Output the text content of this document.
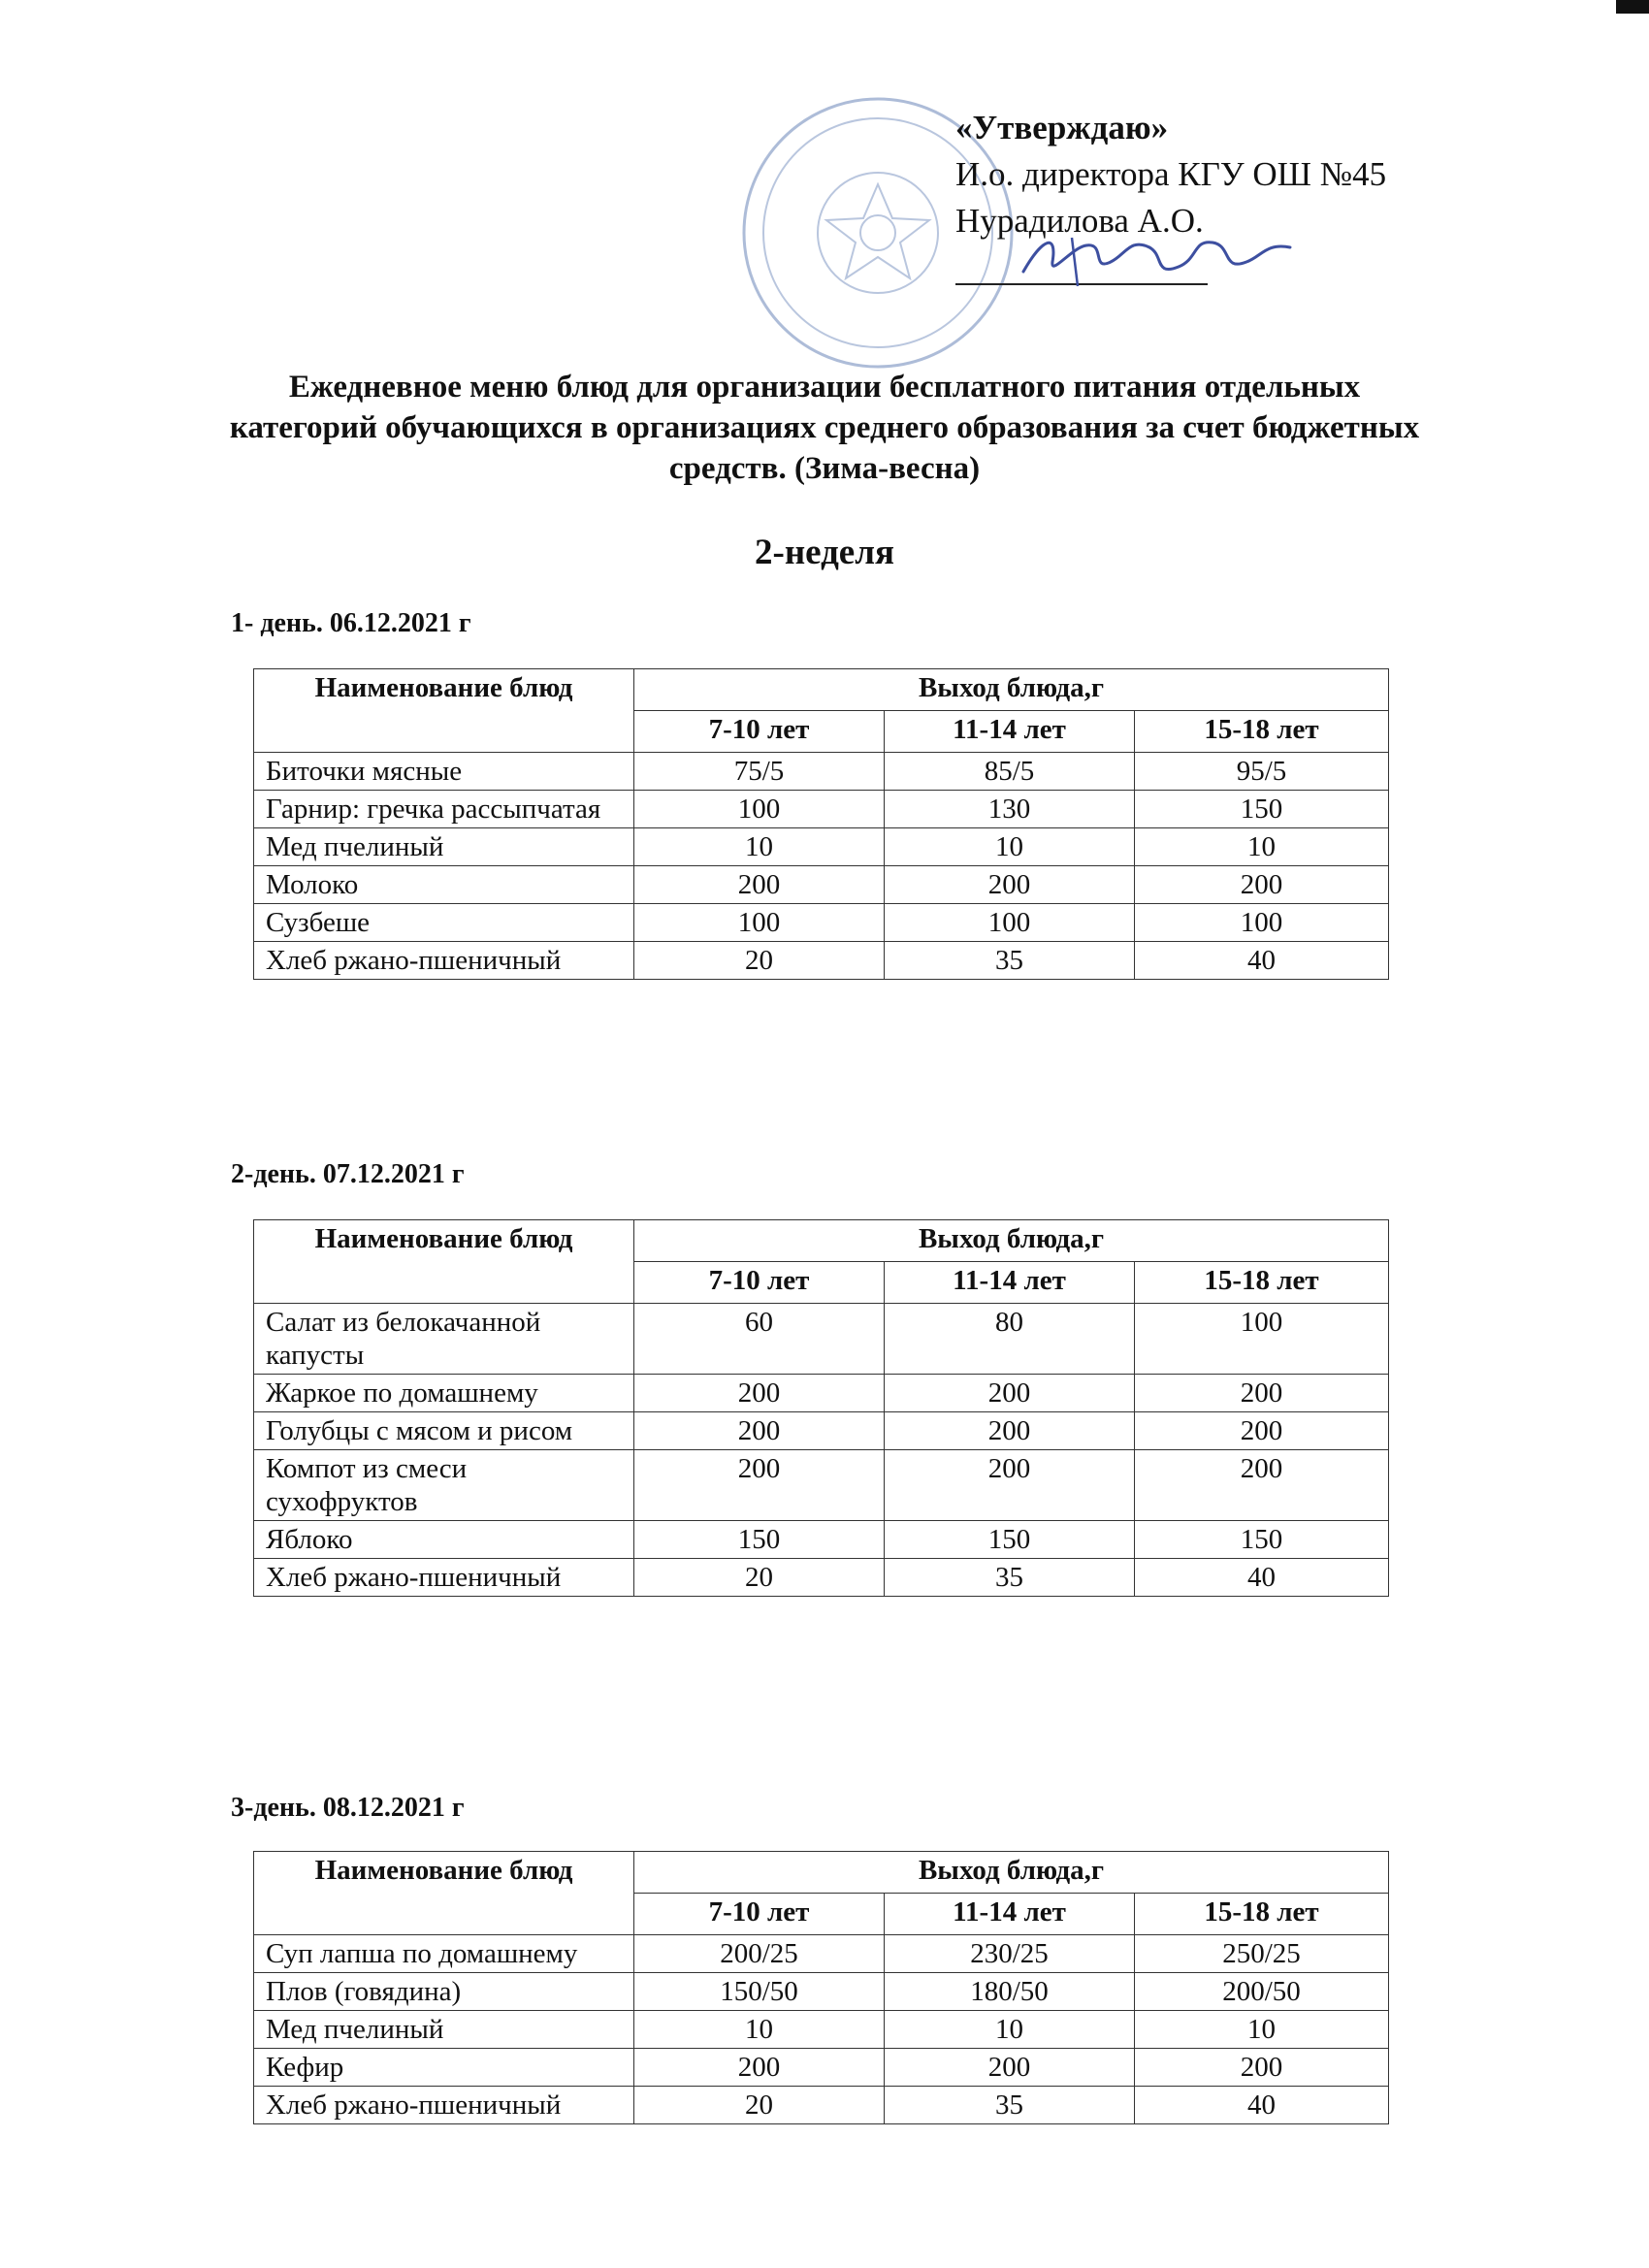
«Утверждаю»
И.о. директора КГУ ОШ №45
Нурадилова А.О.
Ежедневное меню блюд для организации бесплатного питания отдельных категорий обучающихся в организациях среднего образования за счет бюджетных средств. (Зима-весна)
2-неделя
1- день. 06.12.2021 г
Наименование блюд	Выход блюда,г		
	7-10 лет	11-14 лет	15-18 лет
Биточки мясные	75/5	85/5	95/5
Гарнир: гречка рассыпчатая	100	130	150
Мед пчелиный	10	10	10
Молоко	200	200	200
Сузбеше	100	100	100
Хлеб ржано-пшеничный	20	35	40
2-день. 07.12.2021 г
Наименование блюд	Выход блюда,г		
	7-10 лет	11-14 лет	15-18 лет
Салат из белокачанной капусты	60	80	100
Жаркое по домашнему	200	200	200
Голубцы с мясом и рисом	200	200	200
Компот из смеси сухофруктов	200	200	200
Яблоко	150	150	150
Хлеб ржано-пшеничный	20	35	40
3-день. 08.12.2021 г
Наименование блюд	Выход блюда,г		
	7-10 лет	11-14 лет	15-18 лет
Суп лапша по домашнему	200/25	230/25	250/25
Плов (говядина)	150/50	180/50	200/50
Мед пчелиный	10	10	10
Кефир	200	200	200
Хлеб ржано-пшеничный	20	35	40
